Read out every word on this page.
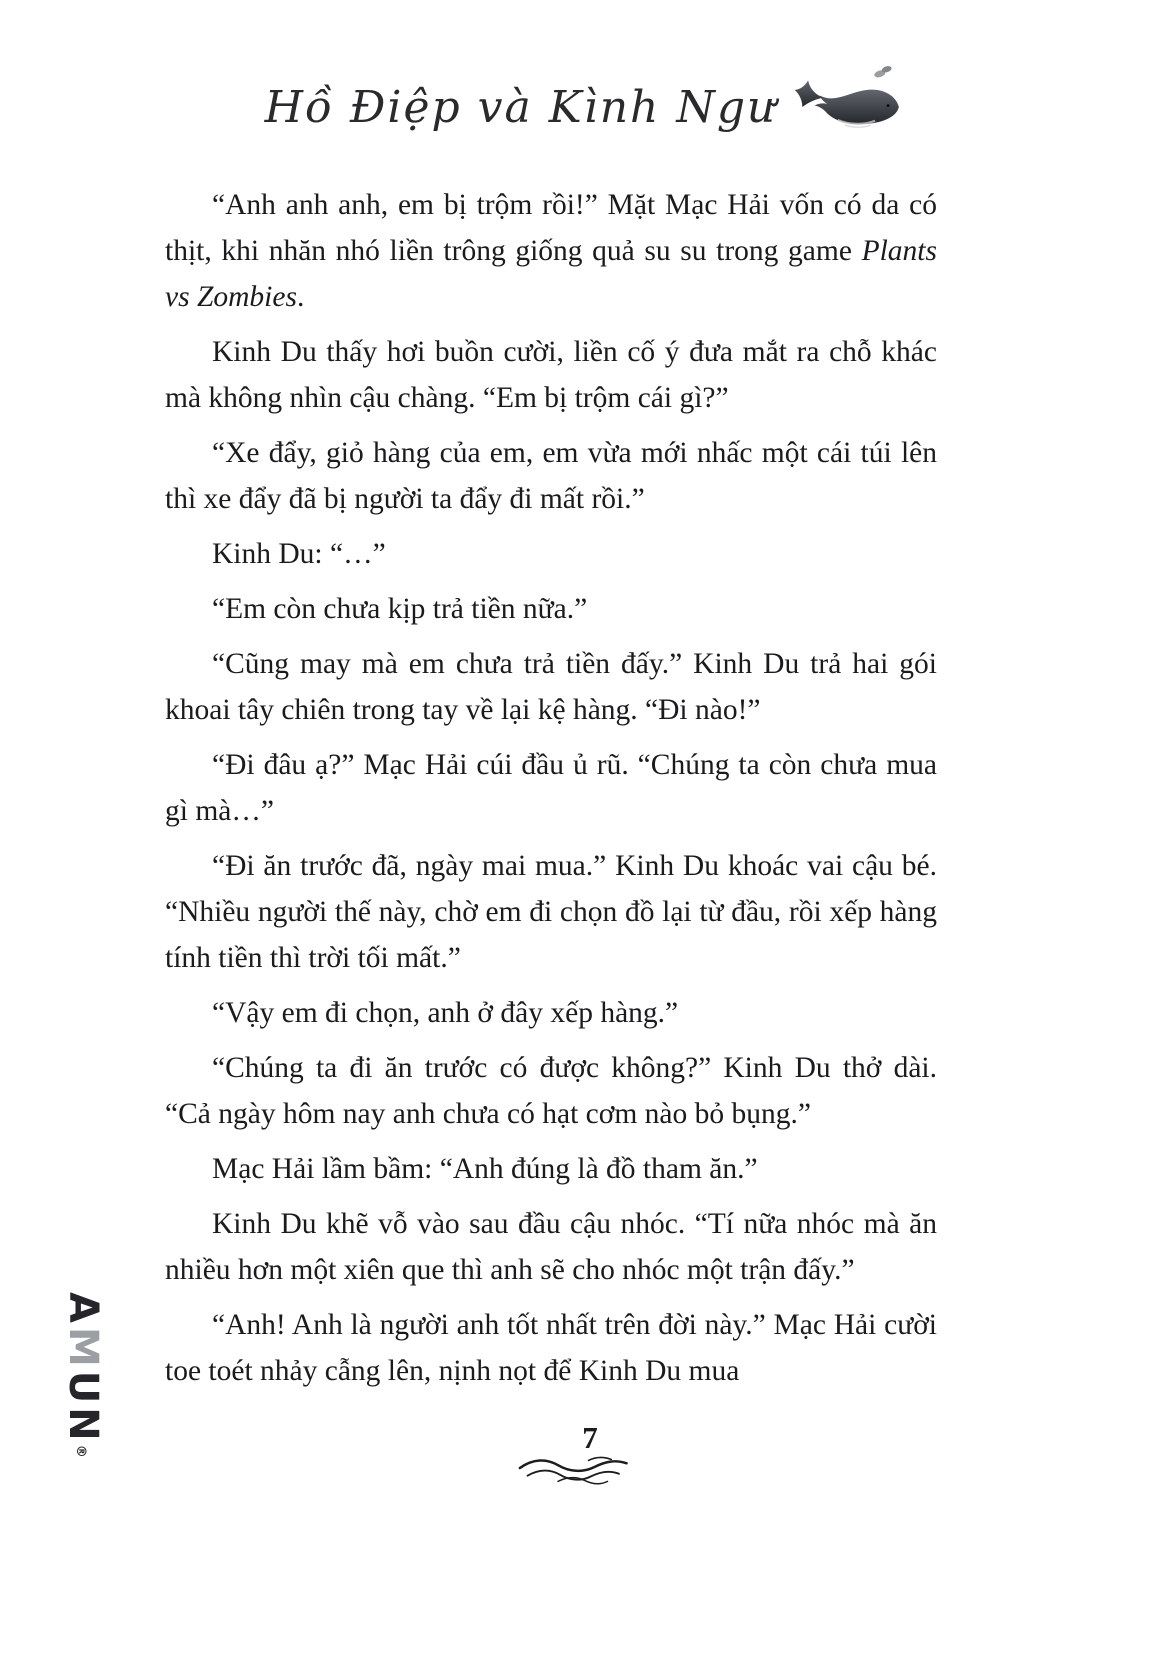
Hồ Điệp và Kình Ngư

“Anh anh anh, em bị trộm rồi!” Mặt Mạc Hải vốn có da có thịt, khi nhăn nhó liền trông giống quả su su trong game Plants vs Zombies.

Kinh Du thấy hơi buồn cười, liền cố ý đưa mắt ra chỗ khác mà không nhìn cậu chàng. “Em bị trộm cái gì?”

“Xe đẩy, giỏ hàng của em, em vừa mới nhấc một cái túi lên thì xe đẩy đã bị người ta đẩy đi mất rồi.”

Kinh Du: “…”

“Em còn chưa kịp trả tiền nữa.”

“Cũng may mà em chưa trả tiền đấy.” Kinh Du trả hai gói khoai tây chiên trong tay về lại kệ hàng. “Đi nào!”

“Đi đâu ạ?” Mạc Hải cúi đầu ủ rũ. “Chúng ta còn chưa mua gì mà…”

“Đi ăn trước đã, ngày mai mua.” Kinh Du khoác vai cậu bé. “Nhiều người thế này, chờ em đi chọn đồ lại từ đầu, rồi xếp hàng tính tiền thì trời tối mất.”

“Vậy em đi chọn, anh ở đây xếp hàng.”

“Chúng ta đi ăn trước có được không?” Kinh Du thở dài. “Cả ngày hôm nay anh chưa có hạt cơm nào bỏ bụng.”

Mạc Hải lầm bầm: “Anh đúng là đồ tham ăn.”

Kinh Du khẽ vỗ vào sau đầu cậu nhóc. “Tí nữa nhóc mà ăn nhiều hơn một xiên que thì anh sẽ cho nhóc một trận đấy.”

“Anh! Anh là người anh tốt nhất trên đời này.” Mạc Hải cười toe toét nhảy cẫng lên, nịnh nọt để Kinh Du mua

AMUN®	7
